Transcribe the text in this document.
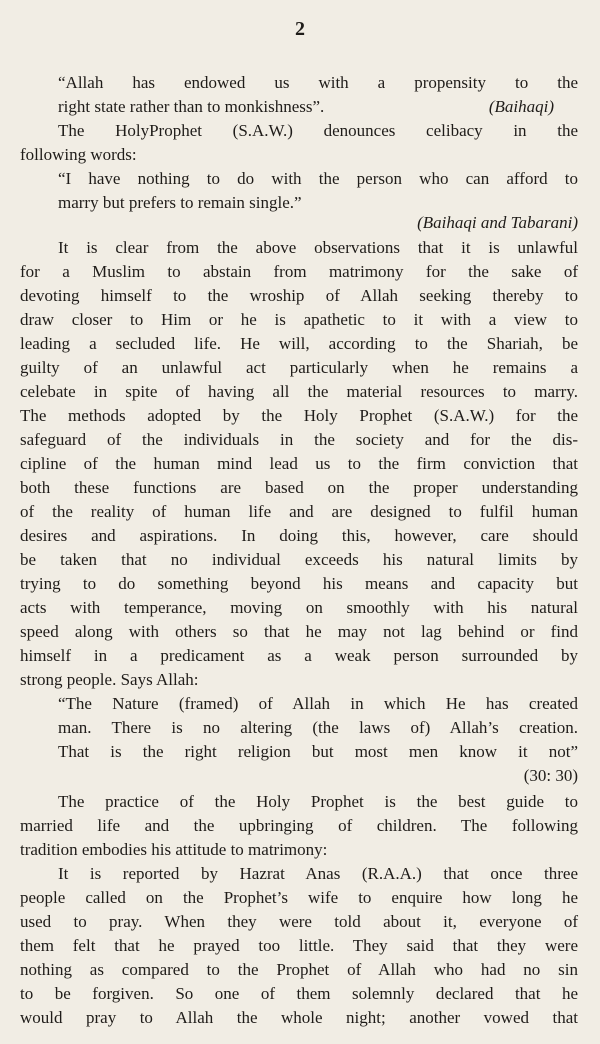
2
“Allah has endowed us with a propensity to the
right state rather than to monkishness”.	(Baihaqi)
The HolyProphet (S.A.W.) denounces celibacy in the
following words:
“I have nothing to do with the person who can afford to
marry but prefers to remain single.”
(Baihaqi and Tabarani)
It is clear from the above observations that it is unlawful
for a Muslim to abstain from matrimony for the sake of
devoting himself to the wroship of Allah seeking thereby to
draw closer to Him or he is apathetic to it with a view to
leading a secluded life. He will, according to the Shariah, be
guilty of an unlawful act particularly when he remains a
celebate in spite of having all the material resources to marry.
The methods adopted by the Holy Prophet (S.A.W.) for the
safeguard of the individuals in the society and for the dis-
cipline of the human mind lead us to the firm conviction that
both these functions are based on the proper understanding
of the reality of human life and are designed to fulfil human
desires and aspirations. In doing this, however, care should
be taken that no individual exceeds his natural limits by
trying to do something beyond his means and capacity but
acts with temperance, moving on smoothly with his natural
speed along with others so that he may not lag behind or find
himself in a predicament as a weak person surrounded by
strong people. Says Allah:
“The Nature (framed) of Allah in which He has created
man. There is no altering (the laws of) Allah’s creation.
That is the right religion but most men know it not”
(30: 30)
The practice of the Holy Prophet is the best guide to
married life and the upbringing of children. The following
tradition embodies his attitude to matrimony:
It is reported by Hazrat Anas (R.A.A.) that once three
people called on the Prophet’s wife to enquire how long he
used to pray. When they were told about it, everyone of
them felt that he prayed too little. They said that they were
nothing as compared to the Prophet of Allah who had no sin
to be forgiven. So one of them solemnly declared that he
would pray to Allah the whole night; another vowed that
